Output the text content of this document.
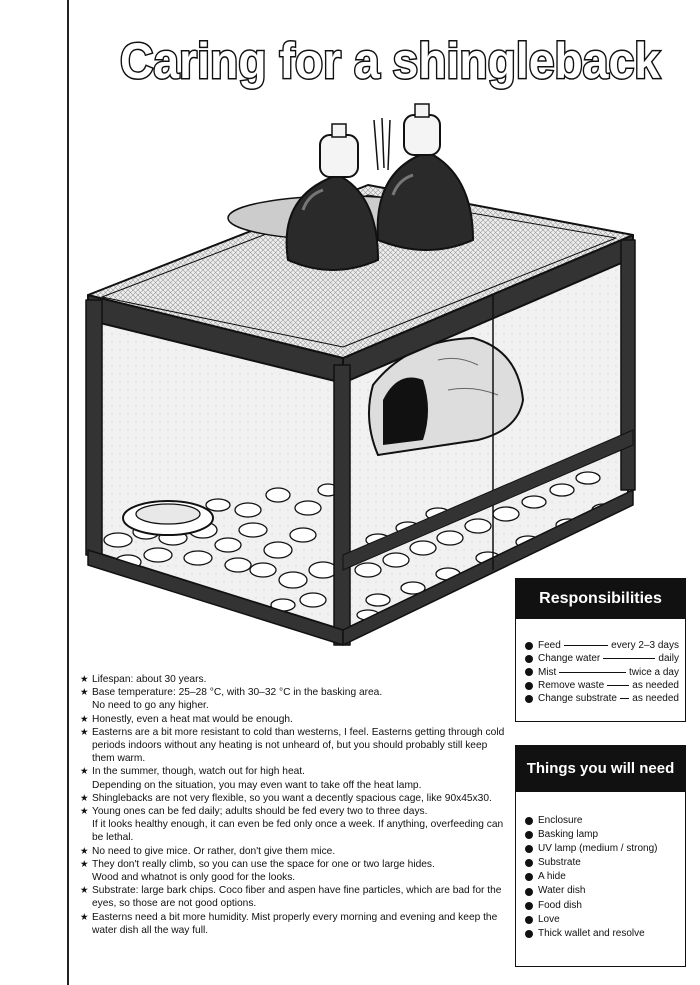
Caring for a shingleback
★ Lifespan: about 30 years.
★ Base temperature: 25–28 °C, with 30–32 °C in the basking area.
No need to go any higher.
★ Honestly, even a heat mat would be enough.
★ Easterns are a bit more resistant to cold than westerns, I feel. Easterns getting through cold periods indoors without any heating is not unheard of, but you should probably still keep them warm.
★ In the summer, though, watch out for high heat.
Depending on the situation, you may even want to take off the heat lamp.
★ Shinglebacks are not very flexible, so you want a decently spacious cage, like 90x45x30.
★ Young ones can be fed daily; adults should be fed every two to three days.
If it looks healthy enough, it can even be fed only once a week. If anything, overfeeding can be lethal.
★ No need to give mice. Or rather, don't give them mice.
★ They don't really climb, so you can use the space for one or two large hides.
Wood and whatnot is only good for the looks.
★ Substrate: large bark chips. Coco fiber and aspen have fine particles, which are bad for the eyes, so those are not good options.
★ Easterns need a bit more humidity. Mist properly every morning and evening and keep the water dish all the way full.
Responsibilities
Feed	every 2–3 days
Change water	daily
Mist	twice a day
Remove waste	as needed
Change substrate as needed
Things you will need
Enclosure
Basking lamp
UV lamp (medium / strong)
Substrate
A hide
Water dish
Food dish
Love
Thick wallet and resolve
